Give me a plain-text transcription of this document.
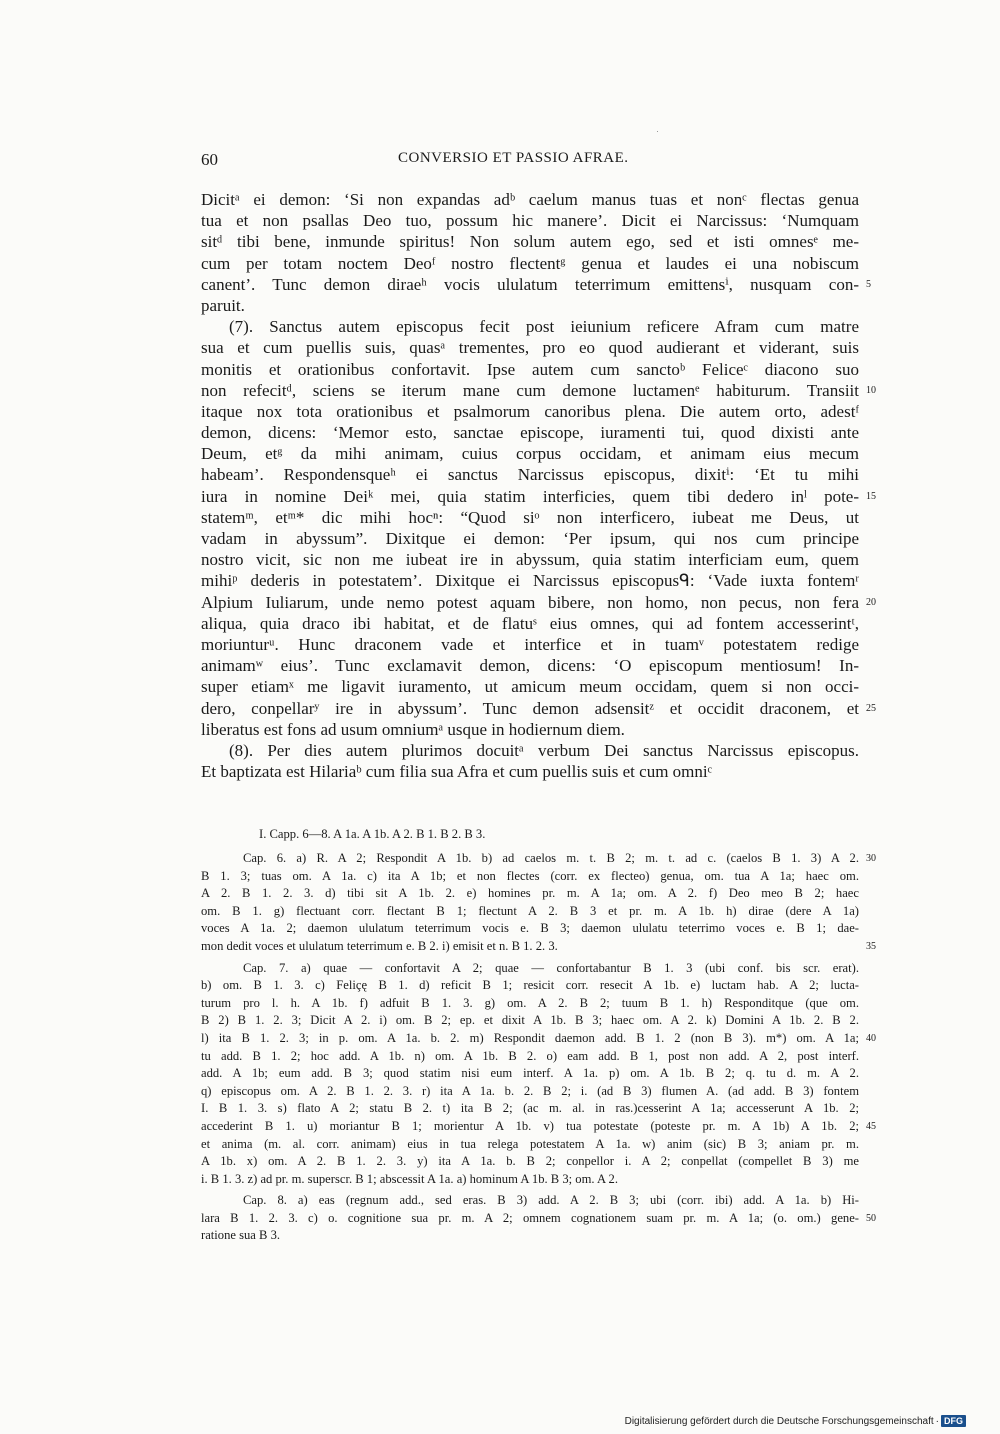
60	CONVERSIO ET PASSIO AFRAE.
Dicitᵃ ei demon: ‘Si non expandas adᵇ caelum manus tuas et nonᶜ flectas genua
tua et non psallas Deo tuo, possum hic manere’. Dicit ei Narcissus: ‘Numquam
sitᵈ tibi bene, inmunde spiritus! Non solum autem ego, sed et isti omnesᵉ me-
cum per totam noctem Deoᶠ nostro flectentᵍ genua et laudes ei una nobiscum
canent’. Tunc demon diraeʰ vocis ululatum teterrimum emittensⁱ, nusquam con- 5
paruit.
(7). Sanctus autem episcopus fecit post ieiunium reficere Afram cum matre
sua et cum puellis suis, quasᵃ trementes, pro eo quod audierant et viderant, suis
monitis et orationibus confortavit. Ipse autem cum sanctoᵇ Feliceᶜ diacono suo
non refecitᵈ, sciens se iterum mane cum demone luctamenᵉ habiturum. Transiit 10
itaque nox tota orationibus et psalmorum canoribus plena. Die autem orto, adestᶠ
demon, dicens: ‘Memor esto, sanctae episcope, iuramenti tui, quod dixisti ante
Deum, etᵍ da mihi animam, cuius corpus occidam, et animam eius mecum
habeam’. Respondensqueʰ ei sanctus Narcissus episcopus, dixitⁱ: ‘Et tu mihi
iura in nomine Deiᵏ mei, quia statim interficies, quem tibi dedero inˡ pote- 15
statemᵐ, etᵐ* dic mihi hocⁿ: “Quod siᵒ non interficero, iubeat me Deus, ut
vadam in abyssum”. Dixitque ei demon: ‘Per ipsum, qui nos cum principe
nostro vicit, sic non me iubeat ire in abyssum, quia statim interficiam eum, quem
mihiᵖ dederis in potestatem’. Dixitque ei Narcissus episcopusᑫ: ‘Vade iuxta fontemʳ
Alpium Iuliarum, unde nemo potest aquam bibere, non homo, non pecus, non fera 20
aliqua, quia draco ibi habitat, et de flatuˢ eius omnes, qui ad fontem accesserintᵗ,
moriunturᵘ. Hunc draconem vade et interfice et in tuamᵛ potestatem redige
animamʷ eius’. Tunc exclamavit demon, dicens: ‘O episcopum mentiosum! In-
super etiamˣ me ligavit iuramento, ut amicum meum occidam, quem si non occi-
dero, conpellarʸ ire in abyssum’. Tunc demon adsensitᶻ et occidit draconem, et 25
liberatus est fons ad usum omniumᵃ usque in hodiernum diem.
(8). Per dies autem plurimos docuitᵃ verbum Dei sanctus Narcissus episcopus.
Et baptizata est Hilariaᵇ cum filia sua Afra et cum puellis suis et cum omniᶜ
I. Capp. 6—8. A 1a. A 1b. A 2. B 1. B 2. B 3.
Cap. 6. a) R. A 2; Respondit A 1b. b) ad caelos m. t. B 2; m. t. ad c. (caelos B 1. 3) A 2. 30
B 1. 3; tuas om. A 1a. c) ita A 1b; et non flectes (corr. ex flecteo) genua, om. tua A 1a; haec om.
A 2. B 1. 2. 3. d) tibi sit A 1b. 2. e) homines pr. m. A 1a; om. A 2. f) Deo meo B 2; haec
om. B 1. g) flectuant corr. flectant B 1; flectunt A 2. B 3 et pr. m. A 1b. h) dirae (dere A 1a)
voces A 1a. 2; daemon ululatum teterrimum vocis e. B 3; daemon ululatu teterrimo voces e. B 1; dae-
mon dedit voces et ululatum teterrimum e. B 2. i) emisit et n. B 1. 2. 3.	35
Cap. 7. a) quae — confortavit A 2; quae — confortabantur B 1. 3 (ubi conf. bis scr. erat).
b) om. B 1. 3. c) Feliçę B 1. d) reficit B 1; resicit corr. resecit A 1b. e) luctam hab. A 2; lucta-
turum pro l. h. A 1b. f) adfuit B 1. 3. g) om. A 2. B 2; tuum B 1. h) Responditque (que om.
B 2) B 1. 2. 3; Dicit A 2. i) om. B 2; ep. et dixit A 1b. B 3; haec om. A 2. k) Domini A 1b. 2. B 2.
l) ita B 1. 2. 3; in p. om. A 1a. b. 2. m) Respondit daemon add. B 1. 2 (non B 3). m*) om. A 1a; 40
tu add. B 1. 2; hoc add. A 1b. n) om. A 1b. B 2. o) eam add. B 1, post non add. A 2, post interf.
add. A 1b; eum add. B 3; quod statim nisi eum interf. A 1a. p) om. A 1b. B 2; q. tu d. m. A 2.
q) episcopus om. A 2. B 1. 2. 3. r) ita A 1a. b. 2. B 2; i. (ad B 3) flumen A. (ad add. B 3) fontem
I. B 1. 3. s) flato A 2; statu B 2. t) ita B 2; (ac m. al. in ras.)cesserint A 1a; accesserunt A 1b. 2;
accederint B 1. u) moriantur B 1; morientur A 1b. v) tua potestate (poteste pr. m. A 1b) A 1b. 2; 45
et anima (m. al. corr. animam) eius in tua relega potestatem A 1a. w) anim (sic) B 3; aniam pr. m.
A 1b. x) om. A 2. B 1. 2. 3. y) ita A 1a. b. B 2; conpellor i. A 2; conpellat (compellet B 3) me
i. B 1. 3. z) ad pr. m. superscr. B 1; abscessit A 1a. a) hominum A 1b. B 3; om. A 2.
Cap. 8. a) eas (regnum add., sed eras. B 3) add. A 2. B 3; ubi (corr. ibi) add. A 1a. b) Hi-
lara B 1. 2. 3. c) o. cognitione sua pr. m. A 2; omnem cognationem suam pr. m. A 1a; (o. om.) gene- 50
ratione sua B 3.
Digitalisierung gefördert durch die Deutsche Forschungsgemeinschaft · DFG
